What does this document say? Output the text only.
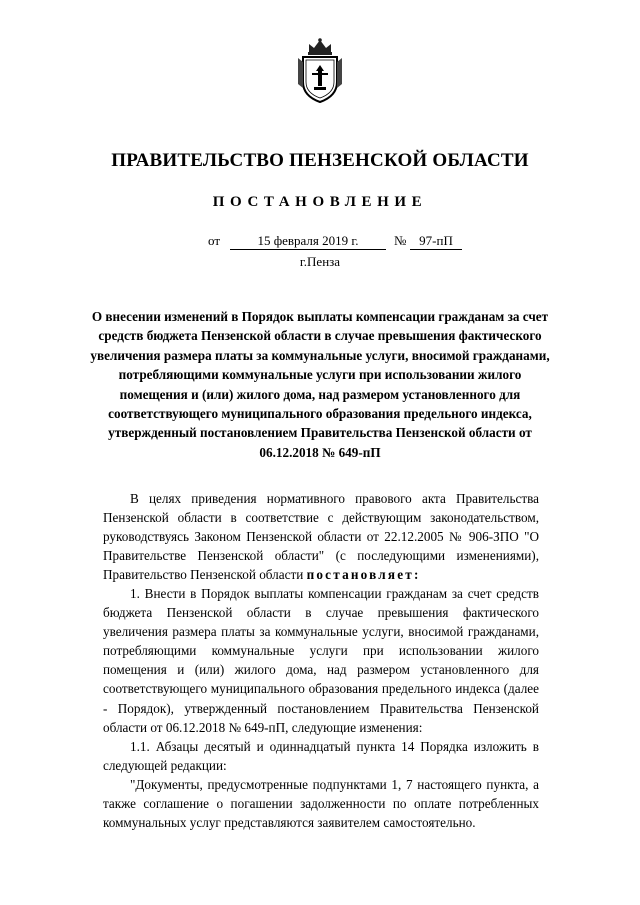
ПРАВИТЕЛЬСТВО ПЕНЗЕНСКОЙ ОБЛАСТИ
ПОСТАНОВЛЕНИЕ
от	15 февраля 2019 г.	№ 97-пП
г.Пенза

О внесении изменений в Порядок выплаты компенсации гражданам за счет средств бюджета Пензенской области в случае превышения фактического увеличения размера платы за коммунальные услуги, вносимой гражданами, потребляющими коммунальные услуги при использовании жилого помещения и (или) жилого дома, над размером установленного для соответствующего муниципального образования предельного индекса, утвержденный постановлением Правительства Пензенской области от 06.12.2018 № 649-пП

В целях приведения нормативного правового акта Правительства Пензенской области в соответствие с действующим законодательством, руководствуясь Законом Пензенской области от 22.12.2005 № 906-ЗПО "О Правительстве Пензенской области" (с последующими изменениями), Правительство Пензенской области постановляет:

1. Внести в Порядок выплаты компенсации гражданам за счет средств бюджета Пензенской области в случае превышения фактического увеличения размера платы за коммунальные услуги, вносимой гражданами, потребляющими коммунальные услуги при использовании жилого помещения и (или) жилого дома, над размером установленного для соответствующего муниципального образования предельного индекса (далее - Порядок), утвержденный постановлением Правительства Пензенской области от 06.12.2018 № 649-пП, следующие изменения:

1.1. Абзацы десятый и одиннадцатый пункта 14 Порядка изложить в следующей редакции:

"Документы, предусмотренные подпунктами 1, 7 настоящего пункта, а также соглашение о погашении задолженности по оплате потребленных коммунальных услуг представляются заявителем самостоятельно.
